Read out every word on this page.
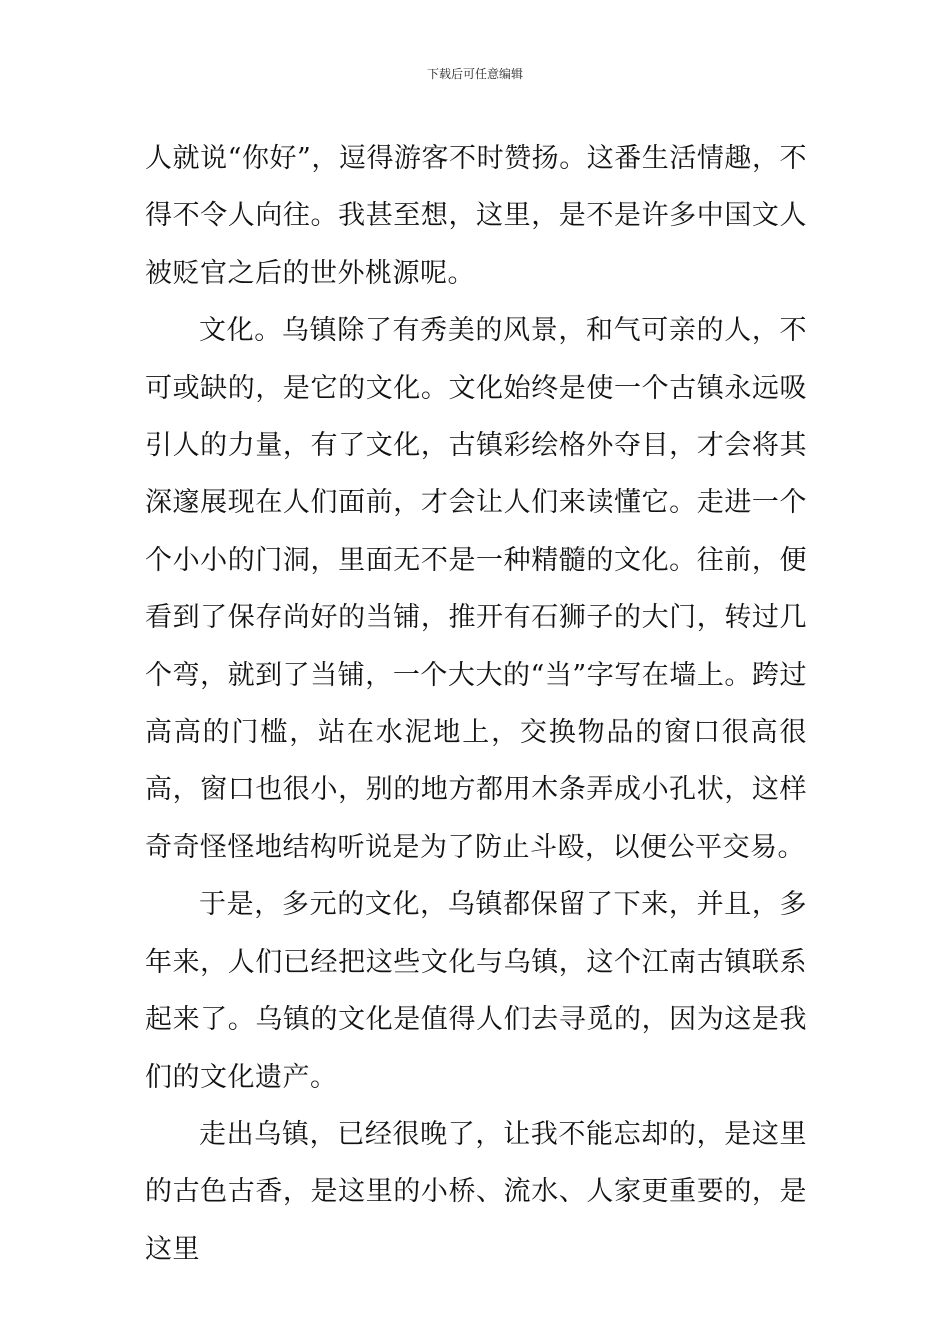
下载后可任意编辑

人就说“你好”，逗得游客不时赞扬。这番生活情趣，不得不令人向往。我甚至想，这里，是不是许多中国文人被贬官之后的世外桃源呢。

文化。乌镇除了有秀美的风景，和气可亲的人，不可或缺的，是它的文化。文化始终是使一个古镇永远吸引人的力量，有了文化，古镇彩绘格外夺目，才会将其深邃展现在人们面前，才会让人们来读懂它。走进一个个小小的门洞，里面无不是一种精髓的文化。往前，便看到了保存尚好的当铺，推开有石狮子的大门，转过几个弯，就到了当铺，一个大大的“当”字写在墙上。跨过高高的门槛，站在水泥地上，交换物品的窗口很高很高，窗口也很小，别的地方都用木条弄成小孔状，这样奇奇怪怪地结构听说是为了防止斗殴，以便公平交易。

于是，多元的文化，乌镇都保留了下来，并且，多年来，人们已经把这些文化与乌镇，这个江南古镇联系起来了。乌镇的文化是值得人们去寻觅的，因为这是我们的文化遗产。

走出乌镇，已经很晚了，让我不能忘却的，是这里的古色古香，是这里的小桥、流水、人家更重要的，是这里
